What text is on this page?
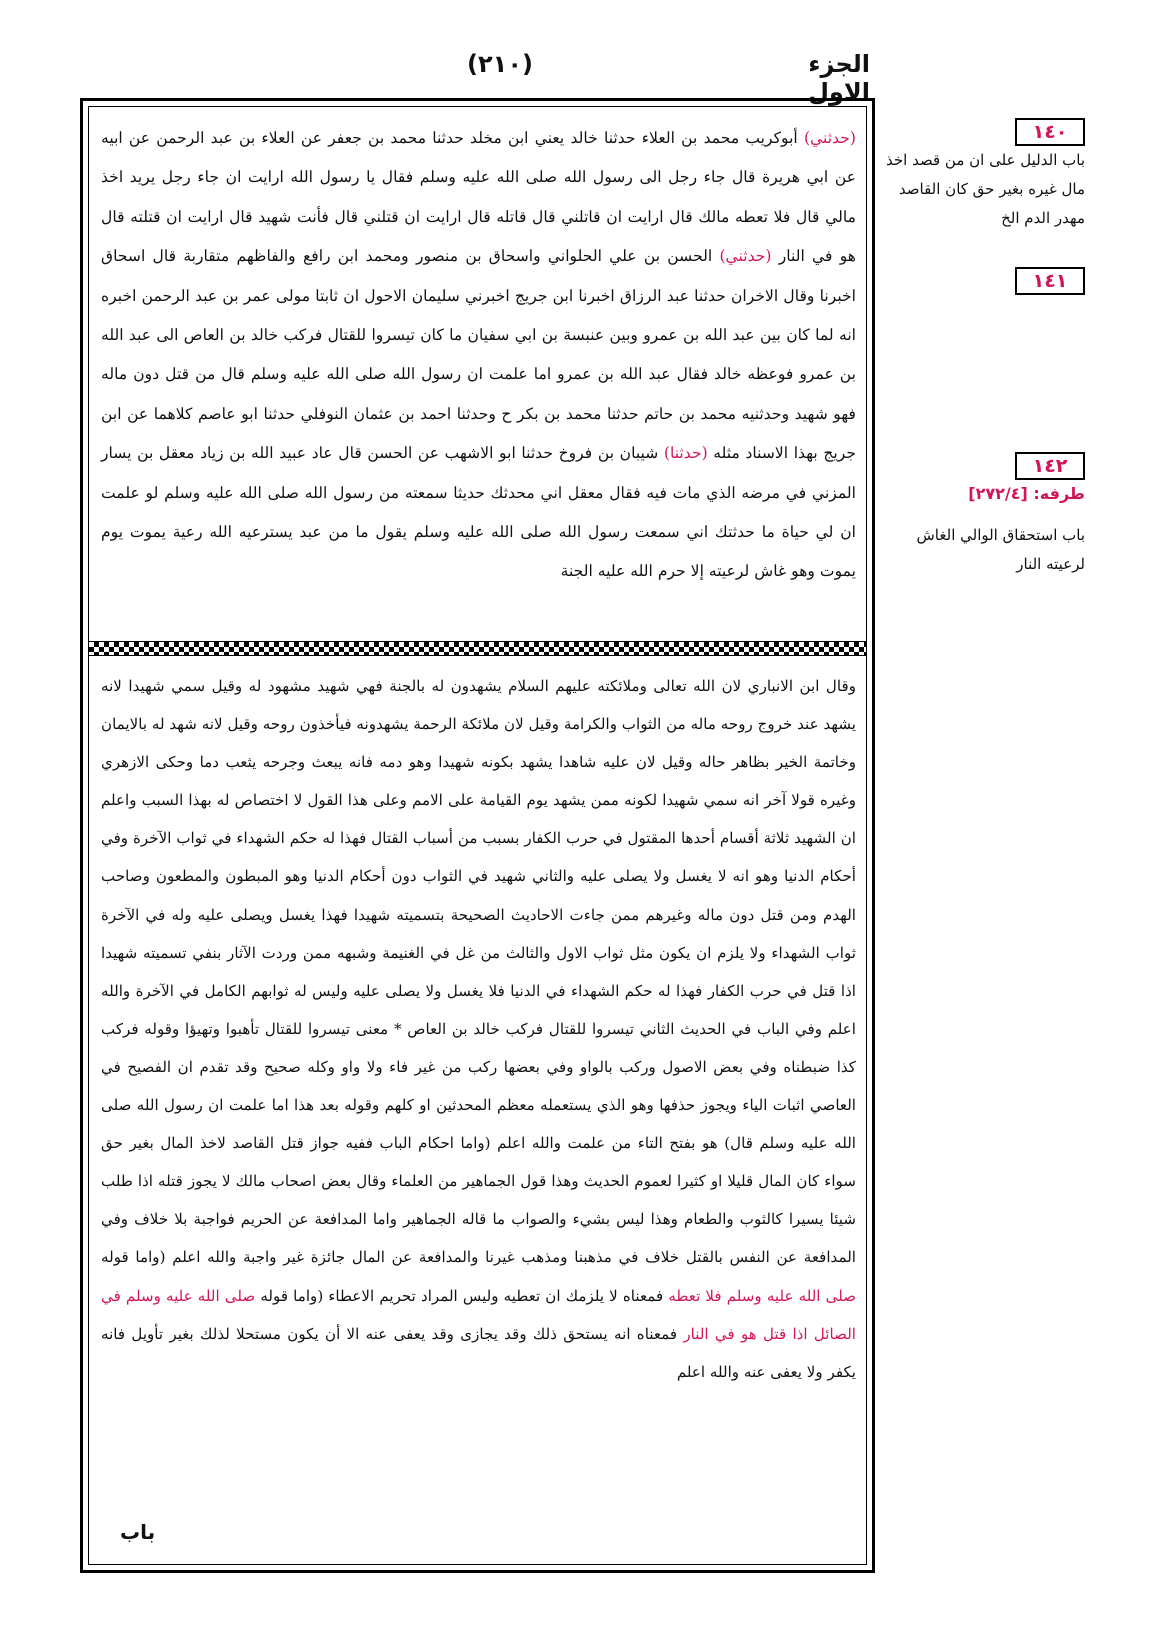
الجزء الاول
(٢١٠)
(حدثني) أبوكريب محمد بن العلاء حدثنا خالد يعني ابن مخلد حدثنا محمد بن جعفر عن العلاء بن عبد الرحمن عن ابيه عن ابي هريرة قال جاء رجل الى رسول الله صلى الله عليه وسلم فقال يا رسول الله ارايت ان جاء رجل يريد اخذ مالي قال فلا تعطه مالك قال ارايت ان قاتلني قال قاتله قال ارايت ان قتلني قال فأنت شهيد قال ارايت ان قتلته قال هو في النار (حدثني) الحسن بن علي الحلواني واسحاق بن منصور ومحمد ابن رافع والفاظهم متقاربة قال اسحاق اخبرنا وقال الاخران حدثنا عبد الرزاق اخبرنا ابن جريج اخبرني سليمان الاحول ان ثابتا مولى عمر بن عبد الرحمن اخبره انه لما كان بين عبد الله بن عمرو وبين عنبسة بن ابي سفيان ما كان تيسروا للقتال فركب خالد بن العاص الى عبد الله بن عمرو فوعظه خالد فقال عبد الله بن عمرو اما علمت ان رسول الله صلى الله عليه وسلم قال من قتل دون ماله فهو شهيد وحدثنيه محمد بن حاتم حدثنا محمد بن بكر ح وحدثنا احمد بن عثمان النوفلي حدثنا ابو عاصم كلاهما عن ابن جريج بهذا الاسناد مثله (حدثنا) شيبان بن فروخ حدثنا ابو الاشهب عن الحسن قال عاد عبيد الله بن زياد معقل بن يسار المزني في مرضه الذي مات فيه فقال معقل اني محدثك حديثا سمعته من رسول الله صلى الله عليه وسلم لو علمت ان لي حياة ما حدثتك اني سمعت رسول الله صلى الله عليه وسلم يقول ما من عبد يسترعيه الله رعية يموت يوم يموت وهو غاش لرعيته إلا حرم الله عليه الجنة
وقال ابن الانباري لان الله تعالى وملائكته عليهم السلام يشهدون له بالجنة فهي شهيد مشهود له وقيل سمي شهيدا لانه يشهد عند خروج روحه ماله من الثواب والكرامة وقيل لان ملائكة الرحمة يشهدونه فيأخذون روحه وقيل لانه شهد له بالايمان وخاتمة الخير بظاهر حاله وقيل لان عليه شاهدا يشهد بكونه شهيدا وهو دمه فانه يبعث وجرحه يثعب دما وحكى الازهري وغيره قولا آخر انه سمي شهيدا لكونه ممن يشهد يوم القيامة على الامم وعلى هذا القول لا اختصاص له بهذا السبب واعلم ان الشهيد ثلاثة أقسام أحدها المقتول في حرب الكفار بسبب من أسباب القتال فهذا له حكم الشهداء في ثواب الآخرة وفي أحكام الدنيا وهو انه لا يغسل ولا يصلى عليه والثاني شهيد في الثواب دون أحكام الدنيا وهو المبطون والمطعون وصاحب الهدم ومن قتل دون ماله وغيرهم ممن جاءت الاحاديث الصحيحة بتسميته شهيدا فهذا يغسل ويصلى عليه وله في الآخرة ثواب الشهداء ولا يلزم ان يكون مثل ثواب الاول والثالث من غل في الغنيمة وشبهه ممن وردت الآثار بنفي تسميته شهيدا اذا قتل في حرب الكفار فهذا له حكم الشهداء في الدنيا فلا يغسل ولا يصلى عليه وليس له ثوابهم الكامل في الآخرة والله اعلم وفي الباب في الحديث الثاني تيسروا للقتال فركب خالد بن العاص * معنى تيسروا للقتال تأهبوا وتهيؤا وقوله فركب كذا ضبطناه وفي بعض الاصول وركب بالواو وفي بعضها ركب من غير فاء ولا واو وكله صحيح وقد تقدم ان الفصيح في العاصي اثبات الياء ويجوز حذفها وهو الذي يستعمله معظم المحدثين او كلهم وقوله بعد هذا اما علمت ان رسول الله صلى الله عليه وسلم قال) هو بفتح التاء من علمت والله اعلم (واما احكام الباب ففيه جواز قتل القاصد لاخذ المال بغير حق سواء كان المال قليلا او كثيرا لعموم الحديث وهذا قول الجماهير من العلماء وقال بعض اصحاب مالك لا يجوز قتله اذا طلب شيئا يسيرا كالثوب والطعام وهذا ليس بشيء والصواب ما قاله الجماهير واما المدافعة عن الحريم فواجبة بلا خلاف وفي المدافعة عن النفس بالقتل خلاف في مذهبنا ومذهب غيرنا والمدافعة عن المال جائزة غير واجبة والله اعلم (واما قوله صلى الله عليه وسلم فلا تعطه فمعناه لا يلزمك ان تعطيه وليس المراد تحريم الاعطاء (واما قوله صلى الله عليه وسلم في الصائل اذا قتل هو في النار فمعناه انه يستحق ذلك وقد يجازى وقد يعفى عنه الا أن يكون مستحلا لذلك بغير تأويل فانه يكفر ولا يعفى عنه والله اعلم
١٤٠
باب الدليل على ان من قصد اخذ مال غيره بغير حق كان القاصد مهدر الدم الخ
١٤١
١٤٢
طرفه: [٢٧٢/٤]
باب استحقاق الوالي الغاش لرعيته النار
باب
